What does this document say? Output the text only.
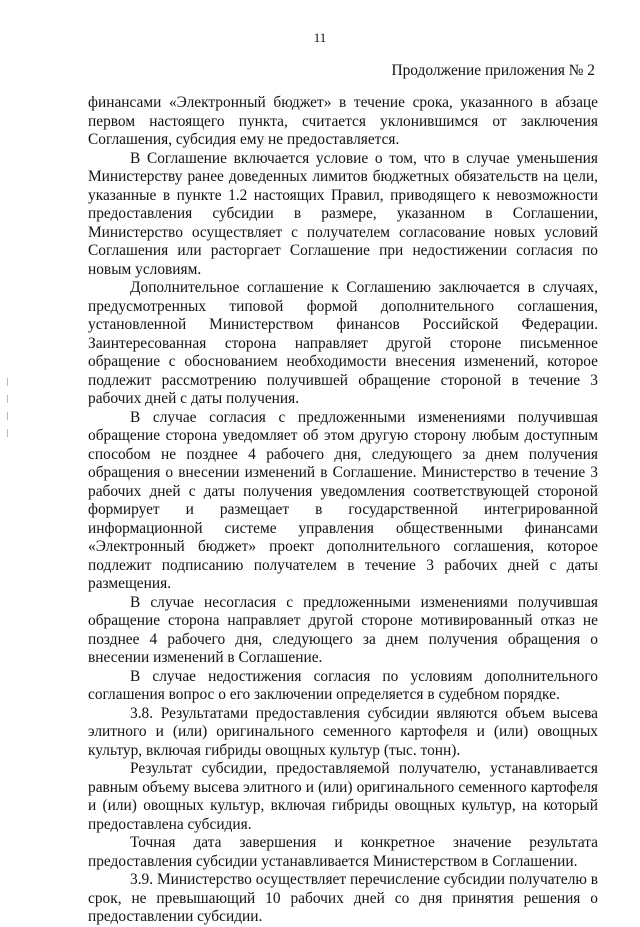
11
Продолжение приложения № 2

финансами «Электронный бюджет» в течение срока, указанного в абзаце первом настоящего пункта, считается уклонившимся от заключения Соглашения, субсидия ему не предоставляется.

В Соглашение включается условие о том, что в случае уменьшения Министерству ранее доведенных лимитов бюджетных обязательств на цели, указанные в пункте 1.2 настоящих Правил, приводящего к невозможности предоставления субсидии в размере, указанном в Соглашении, Министерство осуществляет с получателем согласование новых условий Соглашения или расторгает Соглашение при недостижении согласия по новым условиям.

Дополнительное соглашение к Соглашению заключается в случаях, предусмотренных типовой формой дополнительного соглашения, установленной Министерством финансов Российской Федерации. Заинтересованная сторона направляет другой стороне письменное обращение с обоснованием необходимости внесения изменений, которое подлежит рассмотрению получившей обращение стороной в течение 3 рабочих дней с даты получения.

В случае согласия с предложенными изменениями получившая обращение сторона уведомляет об этом другую сторону любым доступным способом не позднее 4 рабочего дня, следующего за днем получения обращения о внесении изменений в Соглашение. Министерство в течение 3 рабочих дней с даты получения уведомления соответствующей стороной формирует и размещает в государственной интегрированной информационной системе управления общественными финансами «Электронный бюджет» проект дополнительного соглашения, которое подлежит подписанию получателем в течение 3 рабочих дней с даты размещения.

В случае несогласия с предложенными изменениями получившая обращение сторона направляет другой стороне мотивированный отказ не позднее 4 рабочего дня, следующего за днем получения обращения о внесении изменений в Соглашение.

В случае недостижения согласия по условиям дополнительного соглашения вопрос о его заключении определяется в судебном порядке.

3.8. Результатами предоставления субсидии являются объем высева элитного и (или) оригинального семенного картофеля и (или) овощных культур, включая гибриды овощных культур (тыс. тонн).

Результат субсидии, предоставляемой получателю, устанавливается равным объему высева элитного и (или) оригинального семенного картофеля и (или) овощных культур, включая гибриды овощных культур, на который предоставлена субсидия.

Точная дата завершения и конкретное значение результата предоставления субсидии устанавливается Министерством в Соглашении.

3.9. Министерство осуществляет перечисление субсидии получателю в срок, не превышающий 10 рабочих дней со дня принятия решения о предоставлении субсидии.
